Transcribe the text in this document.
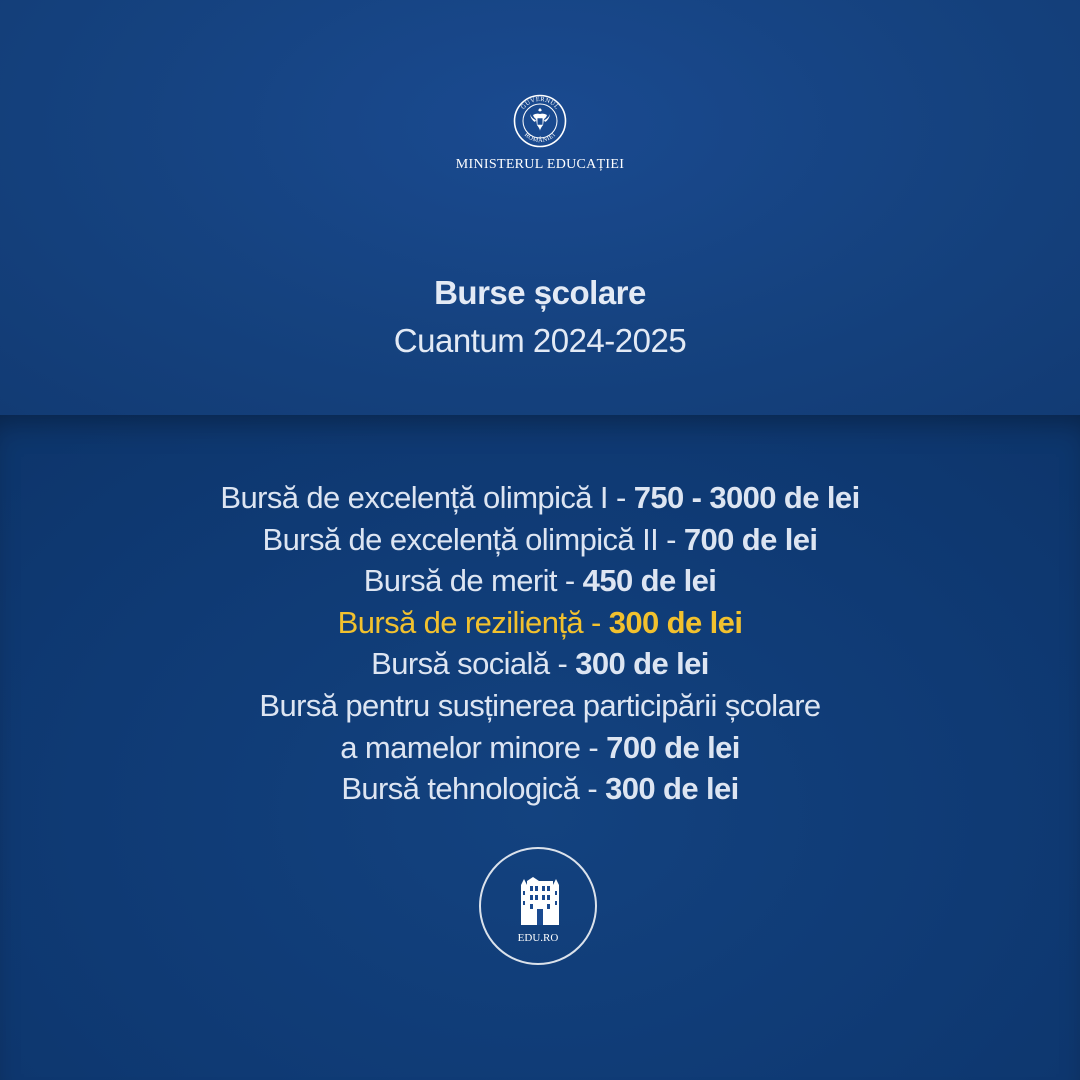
GUVERNUL
ROMÂNIEI
MINISTERUL EDUCAȚIEI
Burse școlare
Cuantum 2024-2025
Bursă de excelență olimpică I - 750 - 3000 de lei
Bursă de excelență olimpică II - 700 de lei
Bursă de merit - 450 de lei
Bursă de reziliență - 300 de lei
Bursă socială - 300 de lei
Bursă pentru susținerea participării școlare
a mamelor minore - 700 de lei
Bursă tehnologică - 300 de lei
EDU.RO
